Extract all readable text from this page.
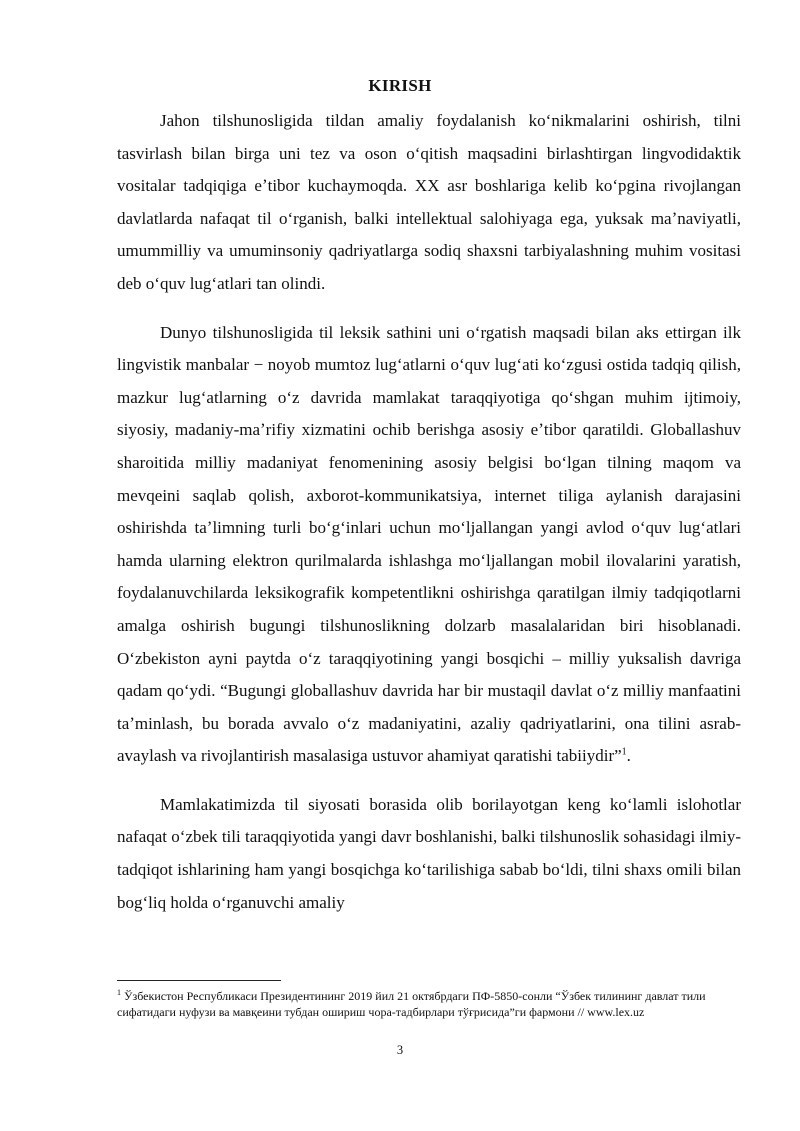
KIRISH

Jahon tilshunosligida tildan amaliy foydalanish koʻnikmalarini oshirish, tilni tasvirlash bilan birga uni tez va oson oʻqitish maqsadini birlashtirgan lingvodidaktik vositalar tadqiqiga eʼtibor kuchaymoqda. XX asr boshlariga kelib koʻpgina rivojlangan davlatlarda nafaqat til oʻrganish, balki intellektual salohiyaga ega, yuksak maʼnaviyatli, umummilliy va umuminsoniy qadriyatlarga sodiq shaxsni tarbiyalashning muhim vositasi deb oʻquv lugʻatlari tan olindi.

Dunyo tilshunosligida til leksik sathini uni oʻrgatish maqsadi bilan aks ettirgan ilk lingvistik manbalar − noyob mumtoz lugʻatlarni oʻquv lugʻati koʻzgusi ostida tadqiq qilish, mazkur lugʻatlarning oʻz davrida mamlakat taraqqiyotiga qoʻshgan muhim ijtimoiy, siyosiy, madaniy-maʼrifiy xizmatini ochib berishga asosiy eʼtibor qaratildi. Globallashuv sharoitida milliy madaniyat fenomenining asosiy belgisi boʻlgan tilning maqom va mevqeini saqlab qolish, axborot-kommunikatsiya, internet tiliga aylanish darajasini oshirishda taʼlimning turli boʻgʻinlari uchun moʻljallangan yangi avlod oʻquv lugʻatlari hamda ularning elektron qurilmalarda ishlashga moʻljallangan mobil ilovalarini yaratish, foydalanuvchilarda leksikografik kompetentlikni oshirishga qaratilgan ilmiy tadqiqotlarni amalga oshirish bugungi tilshunoslikning dolzarb masalalaridan biri hisoblanadi. Oʻzbekiston ayni paytda oʻz taraqqiyotining yangi bosqichi – milliy yuksalish davriga qadam qoʻydi. “Bugungi globallashuv davrida har bir mustaqil davlat oʻz milliy manfaatini taʼminlash, bu borada avvalo oʻz madaniyatini, azaliy qadriyatlarini, ona tilini asrab-avaylash va rivojlantirish masalasiga ustuvor ahamiyat qaratishi tabiiydir”$^1$.

Mamlakatimizda til siyosati borasida olib borilayotgan keng koʻlamli islohotlar nafaqat oʻzbek tili taraqqiyotida yangi davr boshlanishi, balki tilshunoslik sohasidagi ilmiy-tadqiqot ishlarining ham yangi bosqichga koʻtarilishiga sabab boʻldi, tilni shaxs omili bilan bogʻliq holda oʻrganuvchi amaliy

$^1$ Ўзбекистон Республикаси Президентининг 2019 йил 21 октябрдаги ПФ-5850-сонли “Ўзбек тилининг давлат тили сифатидаги нуфузи ва мавқеини тубдан ошириш чора-тадбирлари тўғрисида”ги фармони // www.lex.uz
3
